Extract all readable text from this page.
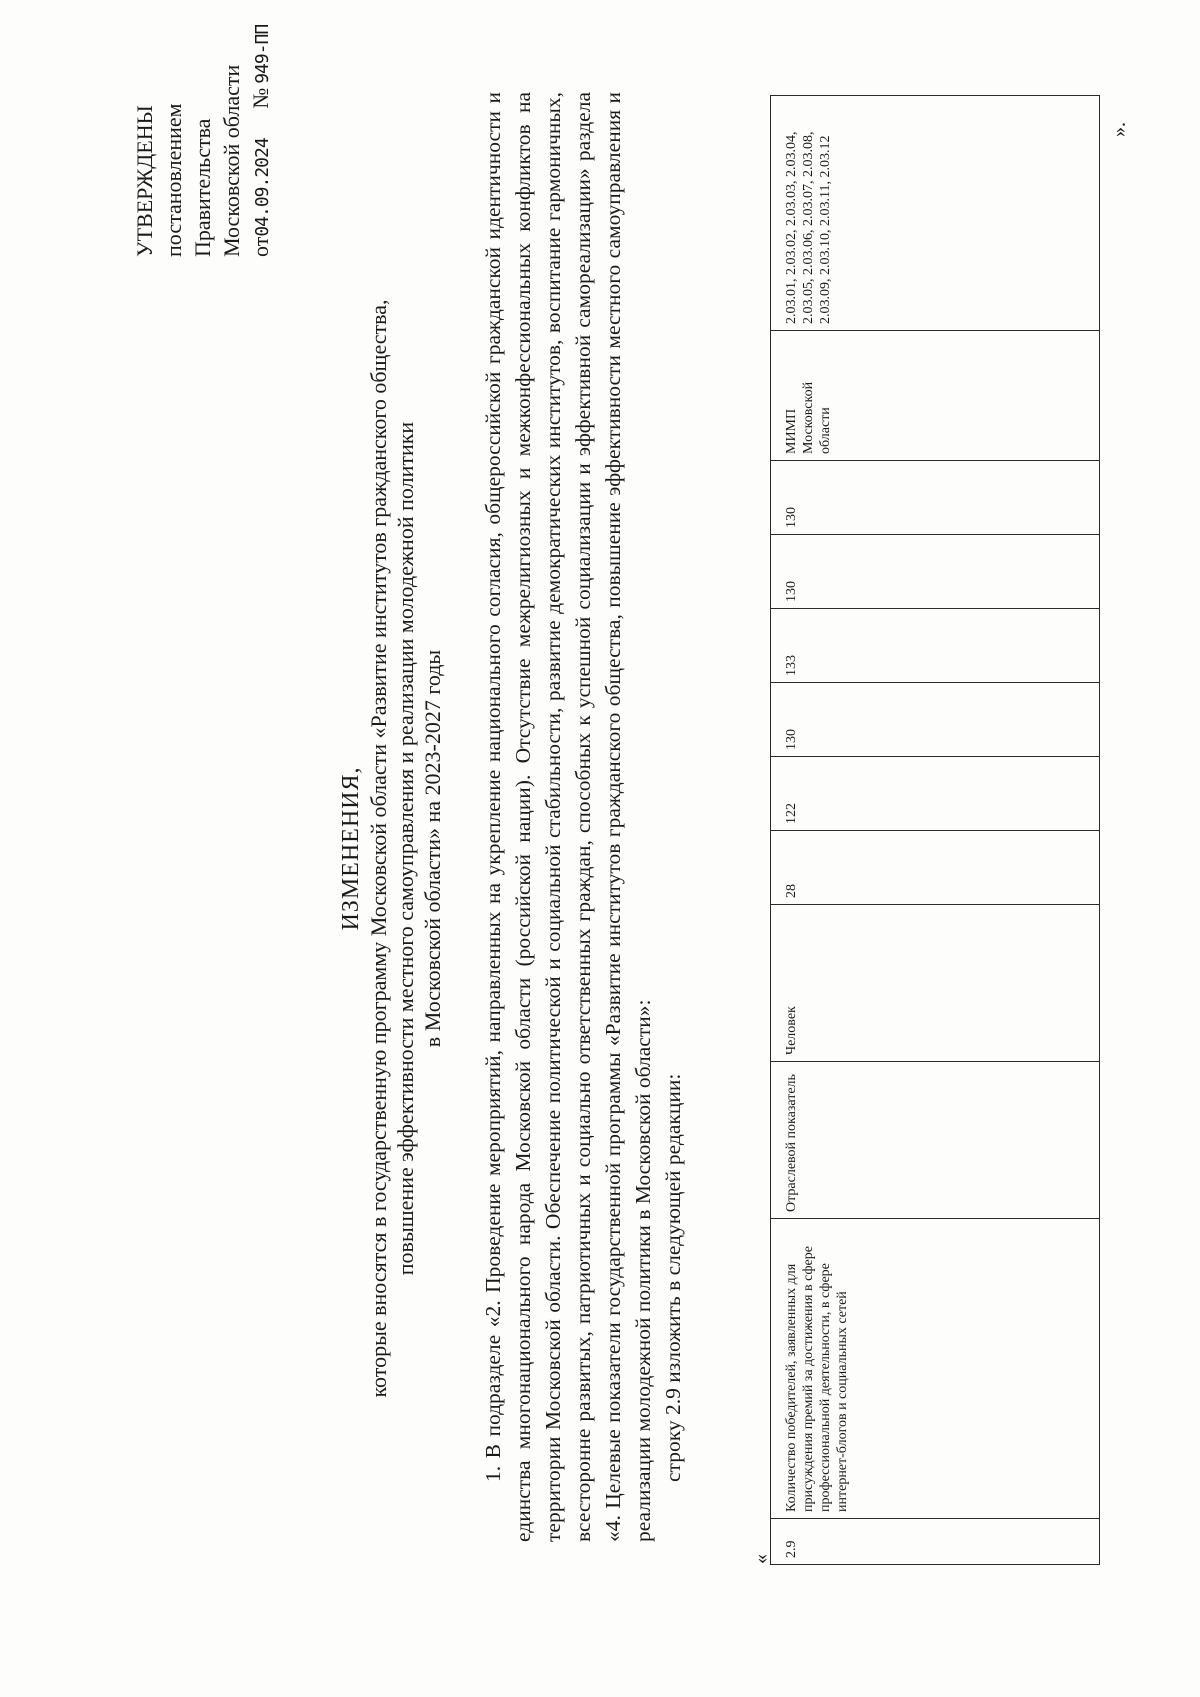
УТВЕРЖДЕНЫ постановлением Правительства Московской области от04.09.2024 №949-ПП
ИЗМЕНЕНИЯ, которые вносятся в государственную программу Московской области «Развитие институтов гражданского общества, повышение эффективности местного самоуправления и реализации молодежной политики в Московской области» на 2023-2027 годы 1. В подразделе «2. Проведение мероприятий, направленных на укрепление национального согласия, общероссийской гражданской идентичности и единства многонационального народа Московской области (российской нации). Отсутствие межрелигиозных и межконфессиональных конфликтов на территории Московской области. Обеспечение политической и социальной стабильности, развитие демократических институтов, воспитание гармоничных, всесторонне развитых, патриотичных и социально ответственных граждан, способных к успешной социализации и эффективной самореализации» раздела «4. Целевые показатели государственной программы «Развитие институтов гражданского общества, повышение эффективности местного самоуправления и реализации молодежной политики в Московской области»: строку 2.9 изложить в следующей редакции:
«
2.9	Количество победителей, заявленных для присуждения премий за достижения в сфере профессиональной деятельности, в сфере интернет-блогов и социальных сетей	Отраслевой показатель	Человек	28	122	130	133	130	130	МИМП Московской области	2.03.01, 2.03.02, 2.03.03, 2.03.04, 2.03.05, 2.03.06, 2.03.07, 2.03.08, 2.03.09, 2.03.10, 2.03.11, 2.03.12
».
